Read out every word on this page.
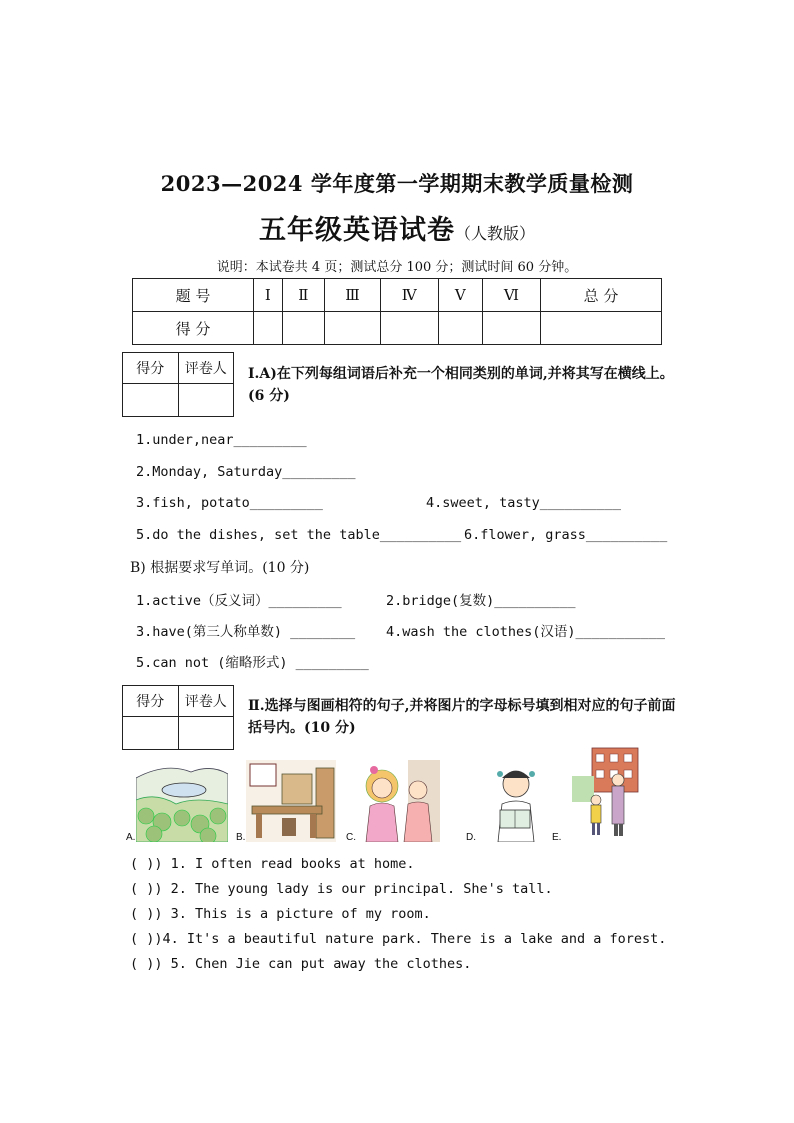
2023—2024 学年度第一学期期末教学质量检测
五年级英语试卷（人教版）
说明：本试卷共 4 页；测试总分 100 分；测试时间 60 分钟。
题 号	I	Ⅱ	Ⅲ	Ⅳ	V	Ⅵ	总 分
得 分							
得分	评卷人
	Ⅰ.A)在下列每组词语后补充一个相同类别的单词,并将其写在横线上。(6 分)
1.under,near_________
2.Monday, Saturday_________
3.fish, potato_________	4.sweet, tasty__________
5.do the dishes, set the table__________ 6.flower, grass__________
B) 根据要求写单词。(10 分)
1.active（反义词）_________	2.bridge(复数)__________
3.have(第三人称单数) ________ 4.wash the clothes(汉语)___________
5.can not (缩略形式) _________
得分	评卷人
	Ⅱ.选择与图画相符的句子,并将图片的字母标号填到相对应的句子前面括号内。(10 分)
A.	B.	C.	D.	E.
( )) 1. I often read books at home.
( )) 2. The young lady is our principal. She's tall.
( )) 3. This is a picture of my room.
( ))4. It's a beautiful nature park. There is a lake and a forest.
( )) 5. Chen Jie can put away the clothes.
